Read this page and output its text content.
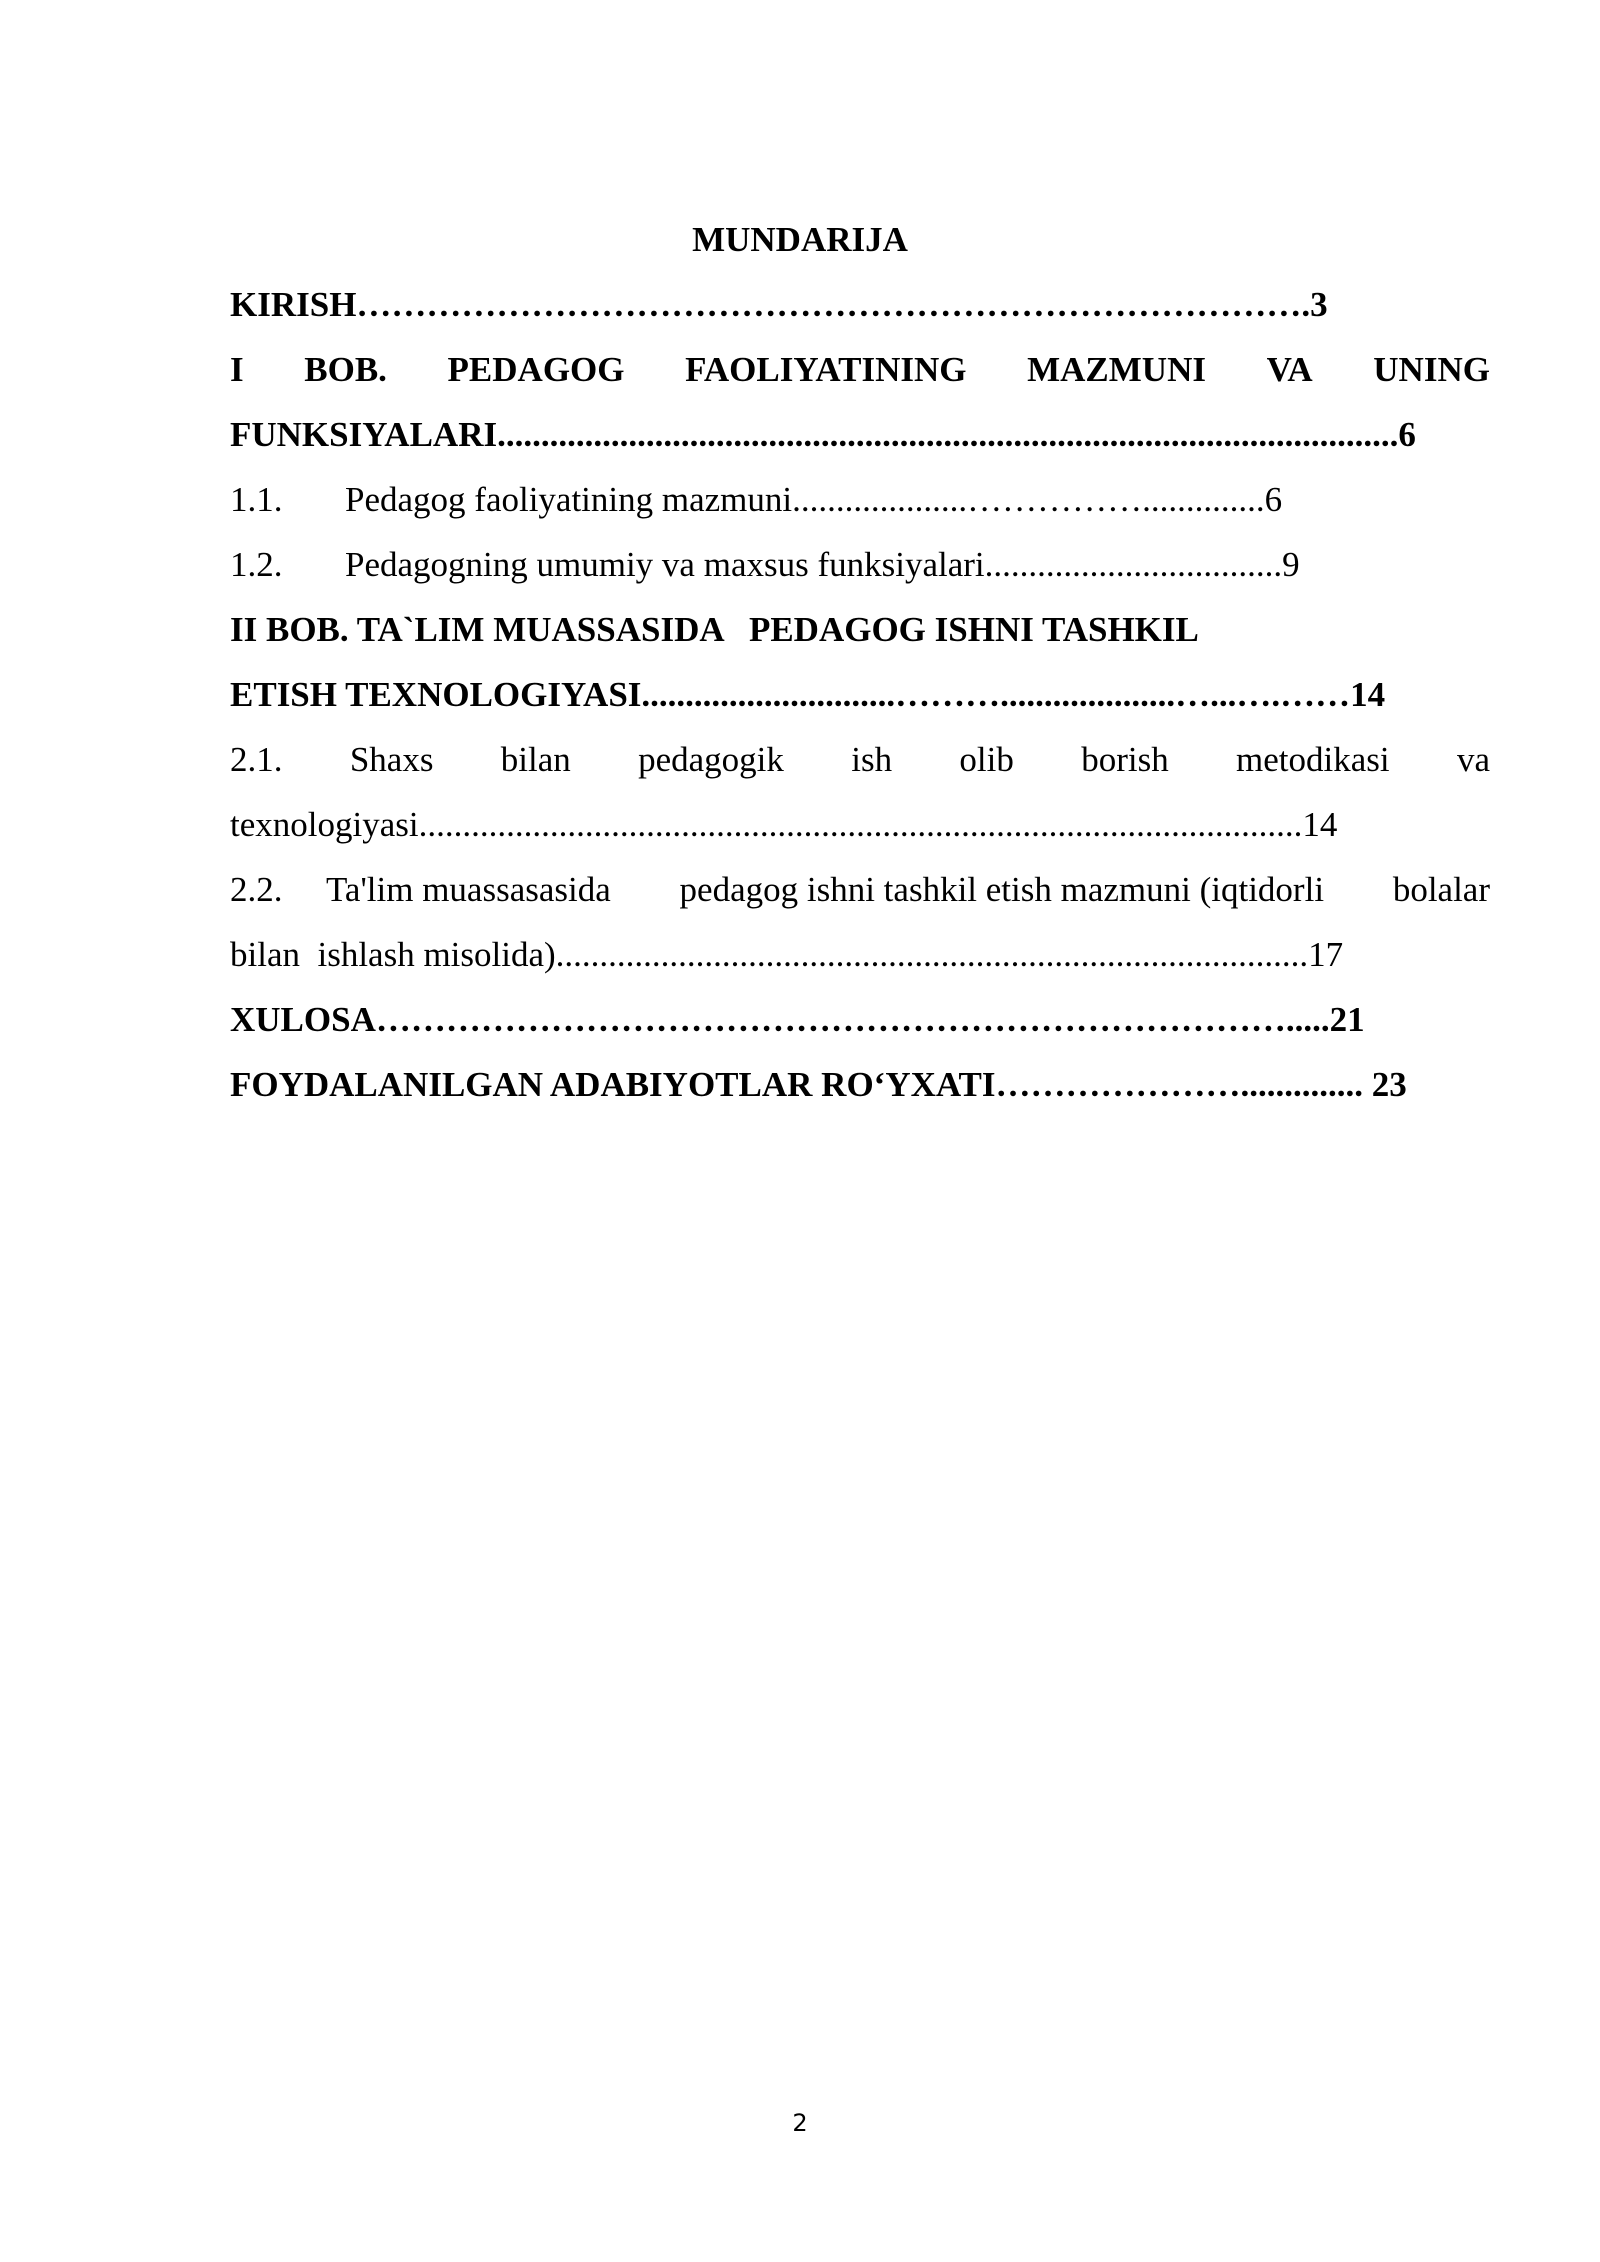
MUNDARIJA
KIRISH……………………………………………………………………….3
I BOB. PEDAGOG FAOLIYATINING MAZMUNI VA UNING
FUNKSIYALARI.......................................................................................................6
1.1. Pedagog faoliyatining mazmuni....................……………..............6
1.2. Pedagogning umumiy va maxsus funksiyalari..................................9
II BOB. TA`LIM MUASSASIDA   PEDAGOG ISHNI TASHKIL
ETISH TEXNOLOGIYASI.............................………....................…...….……14
2.1. Shaxs bilan pedagogik ish olib borish metodikasi va
texnologiyasi.....................................................................................................14
2.2. Ta'lim muassasasida pedagog ishni tashkil etish mazmuni (iqtidorli bolalar
bilan  ishlash misolida)......................................................................................17
XULOSA…………………………………………………………………….....21
FOYDALANILGAN ADABIYOTLAR RO‘YXATI………………….............. 23
2
